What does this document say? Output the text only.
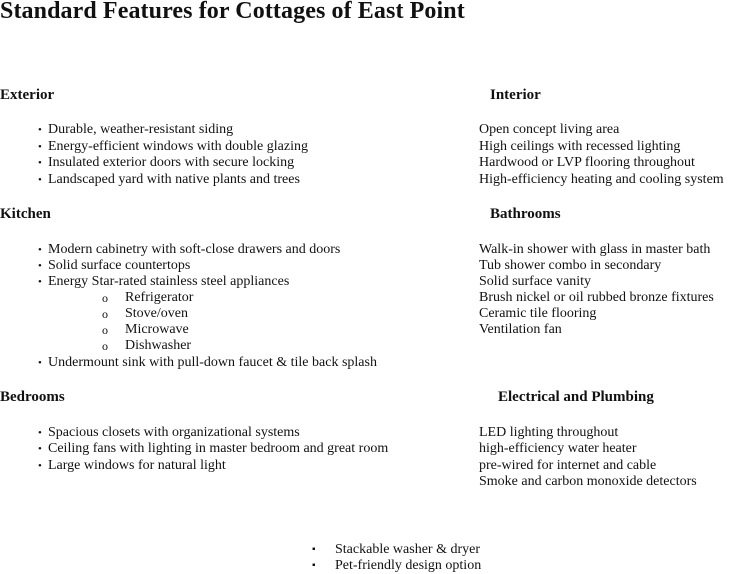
Standard Features for Cottages of East Point
Exterior
• Durable, weather-resistant siding
• Energy-efficient windows with double glazing
• Insulated exterior doors with secure locking
• Landscaped yard with native plants and trees
Interior
Open concept living area
High ceilings with recessed lighting
Hardwood or LVP flooring throughout
High-efficiency heating and cooling system
Kitchen
• Modern cabinetry with soft-close drawers and doors
• Solid surface countertops
• Energy Star-rated stainless steel appliances
o Refrigerator
o Stove/oven
o Microwave
o Dishwasher
• Undermount sink with pull-down faucet & tile back splash
Bathrooms
Walk-in shower with glass in master bath
Tub shower combo in secondary
Solid surface vanity
Brush nickel or oil rubbed bronze fixtures
Ceramic tile flooring
Ventilation fan
Bedrooms
• Spacious closets with organizational systems
• Ceiling fans with lighting in master bedroom and great room
• Large windows for natural light
Electrical and Plumbing
LED lighting throughout
high-efficiency water heater
pre-wired for internet and cable
Smoke and carbon monoxide detectors
▪ Stackable washer & dryer
▪ Pet-friendly design option
